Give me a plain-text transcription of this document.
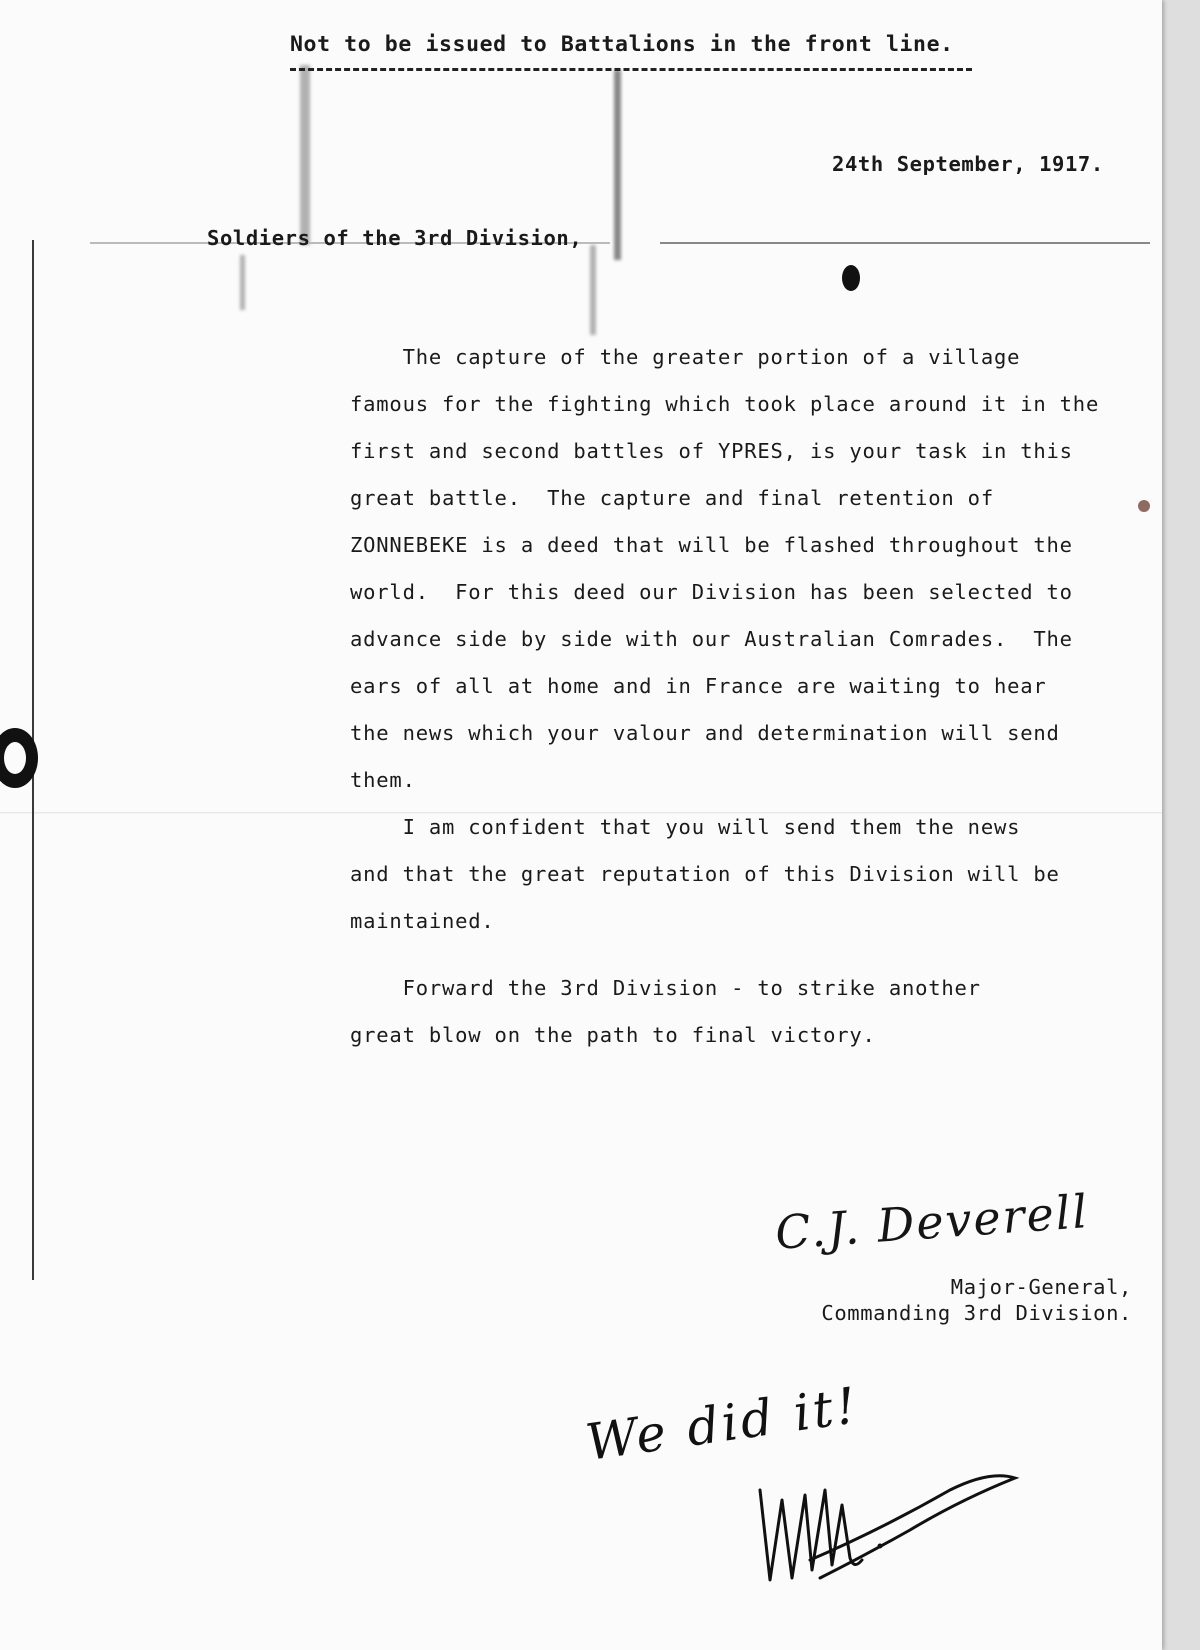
Not to be issued to Battalions in the front line.
24th September, 1917.
Soldiers of the 3rd Division,
The capture of the greater portion of a village
famous for the fighting which took place around it in the
first and second battles of YPRES, is your task in this
great battle.  The capture and final retention of
ZONNEBEKE is a deed that will be flashed throughout the
world.  For this deed our Division has been selected to
advance side by side with our Australian Comrades.  The
ears of all at home and in France are waiting to hear
the news which your valour and determination will send
them.
I am confident that you will send them the news
and that the great reputation of this Division will be
maintained.
Forward the 3rd Division - to strike another
great blow on the path to final victory.
C.J. Deverell
Major-General,
Commanding 3rd Division.
We did it!
